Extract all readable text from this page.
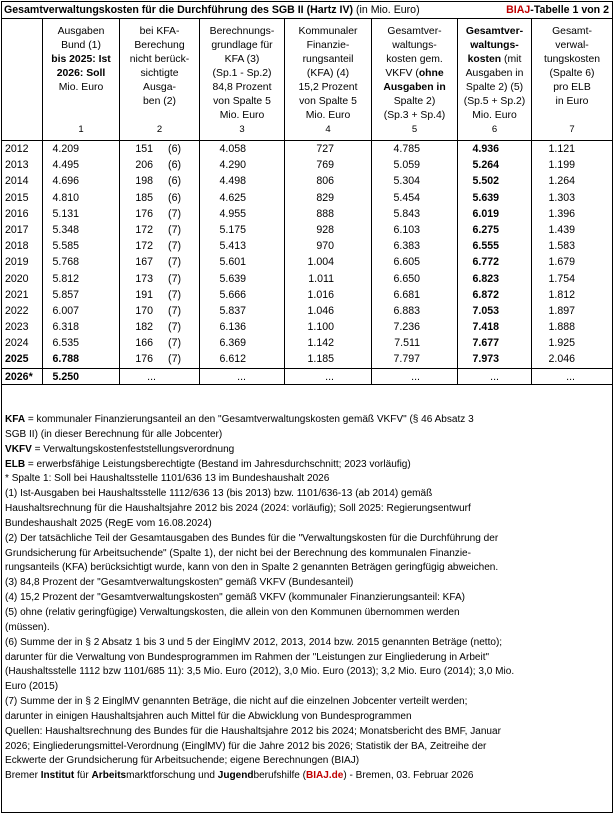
Gesamtverwaltungskosten für die Durchführung des SGB II (Hartz IV) (in Mio. Euro)	BIAJ-Tabelle 1 von 2
Ausgaben
Bund (1)
bis 2025: Ist
2026: Soll
Mio. Euro
1
bei KFA-
Berechung
nicht berück-
sichtigte
Ausga-
ben (2)
2
Berechnungs-
grundlage für
KFA (3)
(Sp.1 - Sp.2)
84,8 Prozent
von Spalte 5
Mio. Euro
3
Kommunaler
Finanzie-
rungsanteil
(KFA) (4)
15,2 Prozent
von Spalte 5
Mio. Euro
4
Gesamtver-
waltungs-
kosten gem.
VKFV (ohne
Ausgaben in
Spalte 2)
(Sp.3 + Sp.4)
5
Gesamtver-
waltungs-
kosten (mit
Ausgaben in
Spalte 2) (5)
(Sp.5 + Sp.2)
Mio. Euro
6
Gesamt-
verwal-
tungskosten
(Spalte 6)
pro ELB
in Euro
7
2012 4.209	151 (6)	4.058	727	4.785	4.936	1.121
2013 4.495	206 (6)	4.290	769	5.059	5.264	1.199
2014 4.696	198 (6)	4.498	806	5.304	5.502	1.264
2015 4.810	185 (6)	4.625	829	5.454	5.639	1.303
2016 5.131	176 (7)	4.955	888	5.843	6.019	1.396
2017 5.348	172 (7)	5.175	928	6.103	6.275	1.439
2018 5.585	172 (7)	5.413	970	6.383	6.555	1.583
2019 5.768	167 (7)	5.601	1.004	6.605	6.772	1.679
2020 5.812	173 (7)	5.639	1.011	6.650	6.823	1.754
2021 5.857	191 (7)	5.666	1.016	6.681	6.872	1.812
2022 6.007	170 (7)	5.837	1.046	6.883	7.053	1.897
2023 6.318	182 (7)	6.136	1.100	7.236	7.418	1.888
2024 6.535	166 (7)	6.369	1.142	7.511	7.677	1.925
2025 6.788	176 (7)	6.612	1.185	7.797	7.973	2.046
2026* 5.250	...	...	...	...	...	...

KFA = kommunaler Finanzierungsanteil an den "Gesamtverwaltungskosten gemäß VKFV" (§ 46 Absatz 3

SGB II) (in dieser Berechnung für alle Jobcenter)

VKFV = Verwaltungskostenfeststellungsverordnung

ELB = erwerbsfähige Leistungsberechtigte (Bestand im Jahresdurchschnitt; 2023 vorläufig)

* Spalte 1: Soll bei Haushaltsstelle 1101/636 13 im Bundeshaushalt 2026

(1) Ist-Ausgaben bei Haushaltsstelle 1112/636 13 (bis 2013) bzw. 1101/636-13 (ab 2014) gemäß

Haushaltsrechnung für die Haushaltsjahre 2012 bis 2024 (2024: vorläufig); Soll 2025: Regierungsentwurf

Bundeshaushalt 2025 (RegE vom 16.08.2024)

(2) Der tatsächliche Teil der Gesamtausgaben des Bundes für die "Verwaltungskosten für die Durchführung der

Grundsicherung für Arbeitsuchende" (Spalte 1), der nicht bei der Berechnung des kommunalen Finanzie-

rungsanteils (KFA) berücksichtigt wurde, kann von den in Spalte 2 genannten Beträgen geringfügig abweichen.

(3) 84,8 Prozent der "Gesamtverwaltungskosten" gemäß VKFV (Bundesanteil)

(4) 15,2 Prozent der "Gesamtverwaltungskosten" gemäß VKFV (kommunaler Finanzierungsanteil: KFA)

(5) ohne (relativ geringfügige) Verwaltungskosten, die allein von den Kommunen übernommen werden

(müssen).

(6) Summe der in § 2 Absatz 1 bis 3 und 5 der EinglMV 2012, 2013, 2014 bzw. 2015 genannten Beträge (netto);

darunter für die Verwaltung von Bundesprogrammen im Rahmen der "Leistungen zur Eingliederung in Arbeit"

(Haushaltsstelle 1112 bzw 1101/685 11): 3,5 Mio. Euro (2012), 3,0 Mio. Euro (2013); 3,2 Mio. Euro (2014); 3,0 Mio.

Euro (2015)

(7) Summe der in § 2 EinglMV genannten Beträge, die nicht auf die einzelnen Jobcenter verteilt werden;

darunter in einigen Haushaltsjahren auch Mittel für die Abwicklung von Bundesprogrammen

Quellen: Haushaltsrechnung des Bundes für die Haushaltsjahre 2012 bis 2024; Monatsbericht des BMF, Januar

2026; Eingliederungsmittel-Verordnung (EinglMV) für die Jahre 2012 bis 2026; Statistik der BA, Zeitreihe der

Eckwerte der Grundsicherung für Arbeitsuchende; eigene Berechnungen (BIAJ)

Bremer Institut für Arbeitsmarktforschung und Jugendberufshilfe (BIAJ.de) - Bremen, 03. Februar 2026
